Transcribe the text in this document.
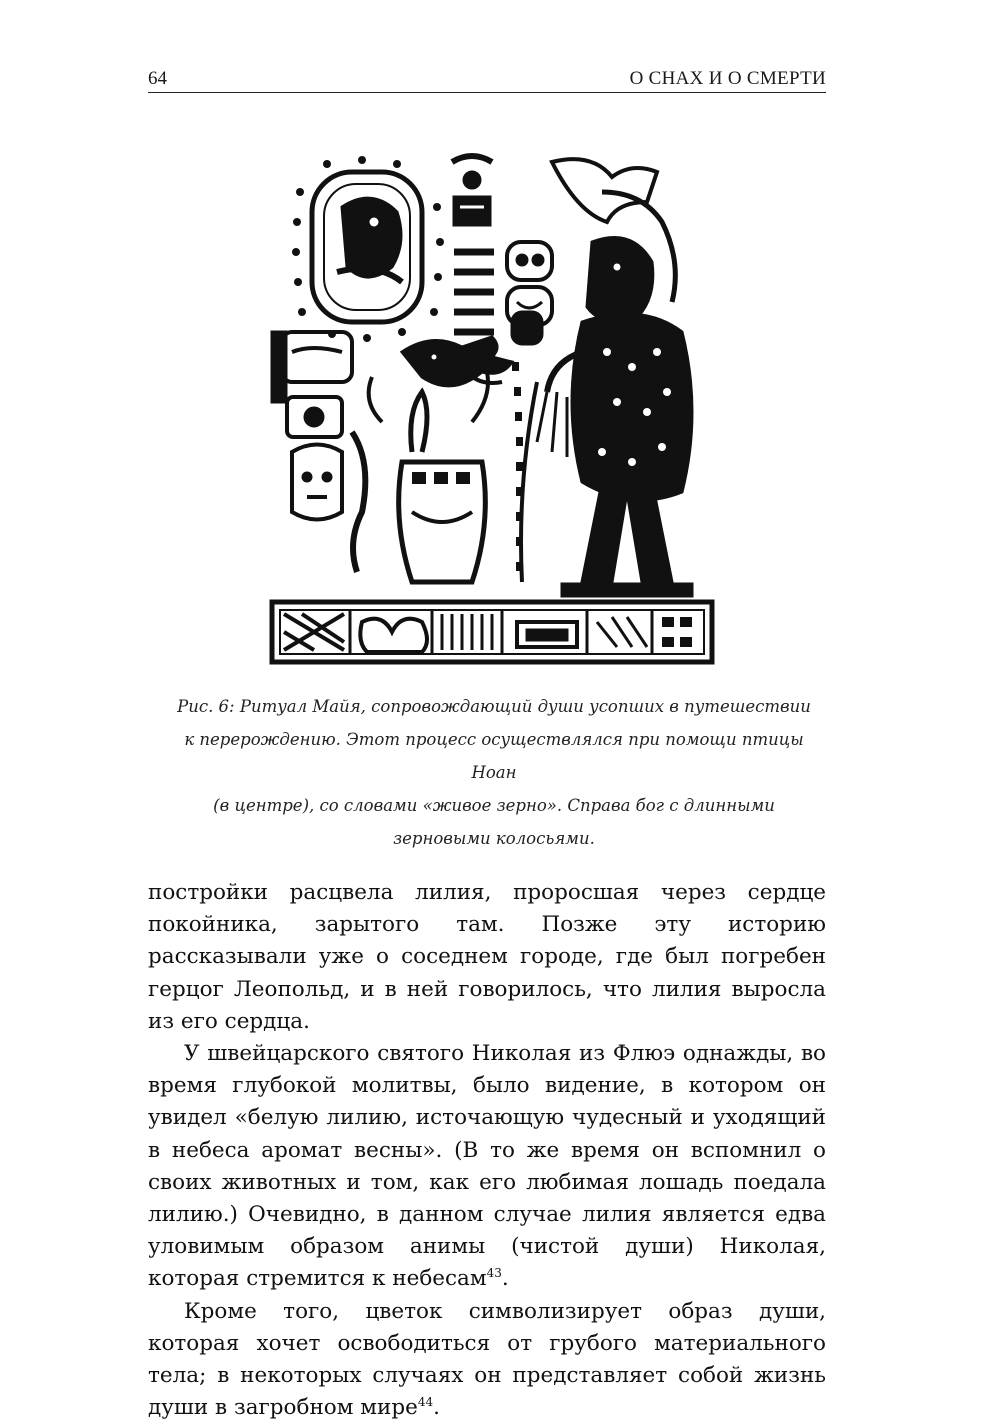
64	О СНАХ И О СМЕРТИ

Рис. 6: Ритуал Майя, сопровождающий души усопших в путешествии

к перерождению. Этот процесс осуществлялся при помощи птицы Ноан

(в центре), со словами «живое зерно». Справа бог с длинными

зерновыми колосьями.

постройки расцвела лилия, проросшая через сердце покойника, зарытого там. Позже эту историю рассказывали уже о соседнем городе, где был погребен герцог Леопольд, и в ней говорилось, что лилия выросла из его сердца.

У швейцарского святого Николая из Флюэ однажды, во время глубокой молитвы, было видение, в котором он увидел «белую лилию, источающую чудесный и уходящий в небеса аромат весны». (В то же время он вспомнил о своих животных и том, как его любимая лошадь поедала лилию.) Очевидно, в данном случае лилия является едва уловимым образом анимы (чистой души) Николая, которая стремится к небесам$^{43}$.

Кроме того, цветок символизирует образ души, которая хочет освободиться от грубого материального тела; в некоторых случаях он представляет собой жизнь души в загробном мире$^{44}$.
